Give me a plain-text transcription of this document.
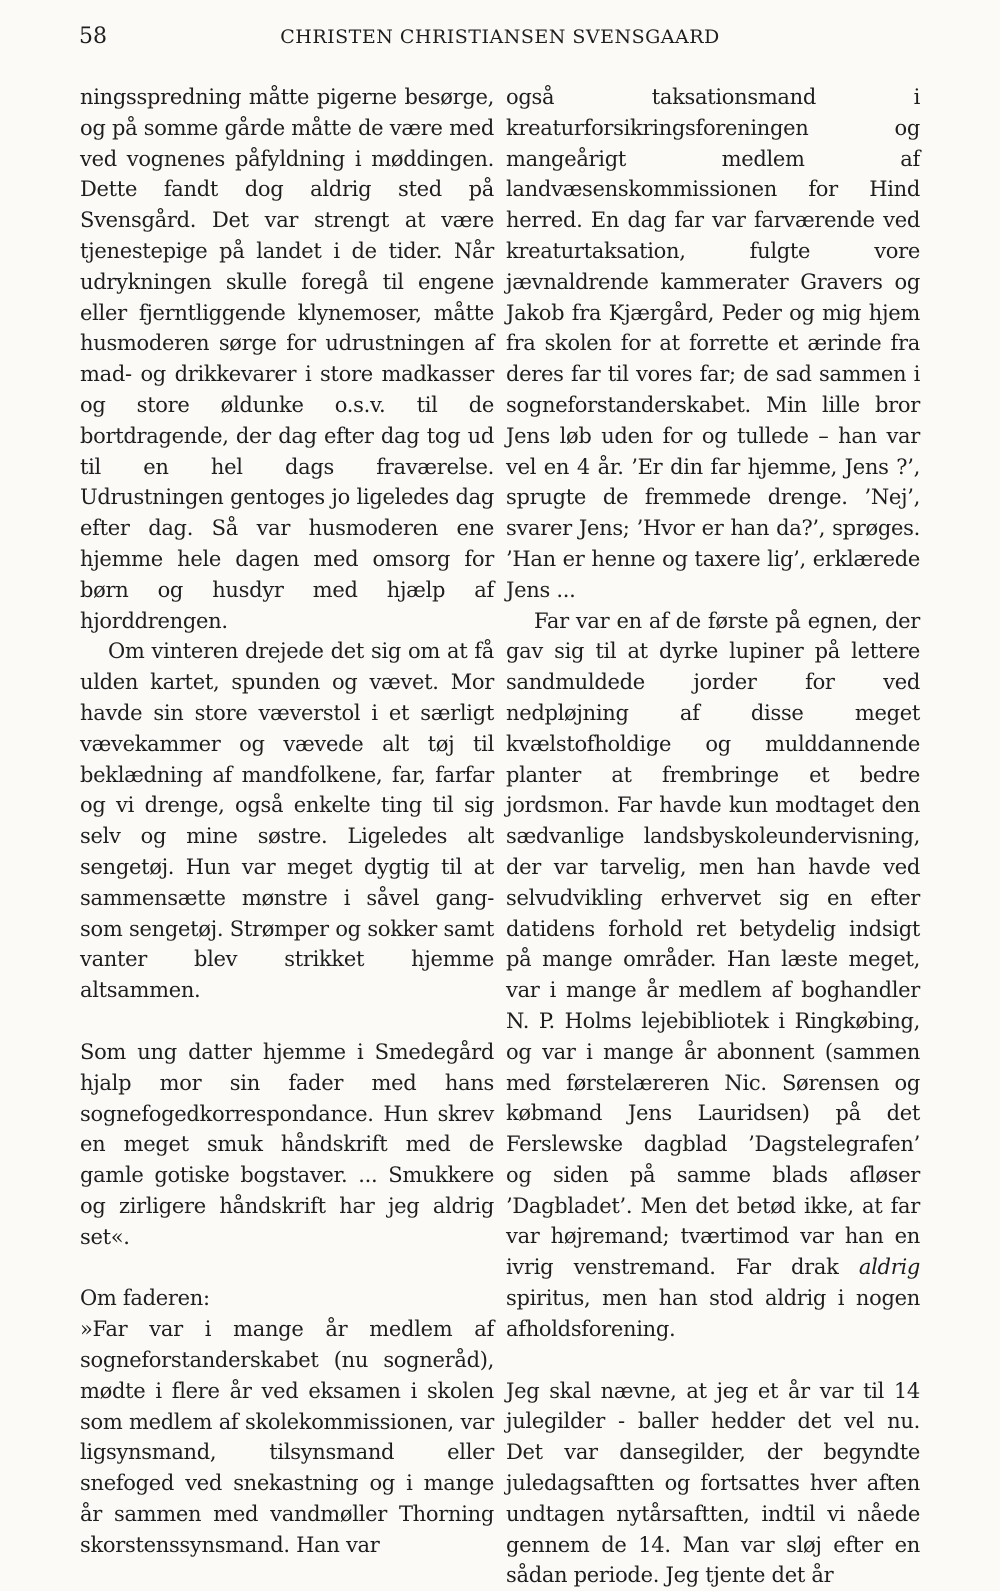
58	CHRISTEN CHRISTIANSEN SVENSGAARD

ningsspredning måtte pigerne besørge, og på somme gårde måtte de være med ved vognenes påfyldning i møddingen. Dette fandt dog aldrig sted på Svensgård. Det var strengt at være tjenestepige på landet i de tider. Når udrykningen skulle foregå til engene eller fjerntliggende klynemoser, måtte husmoderen sørge for udrustningen af mad- og drikkevarer i store madkasser og store øldunke o.s.v. til de bortdragende, der dag efter dag tog ud til en hel dags fraværelse. Udrustningen gentoges jo ligeledes dag efter dag. Så var husmoderen ene hjemme hele dagen med omsorg for børn og husdyr med hjælp af hjorddrengen.

Om vinteren drejede det sig om at få ulden kartet, spunden og vævet. Mor havde sin store væverstol i et særligt vævekammer og vævede alt tøj til beklædning af mandfolkene, far, farfar og vi drenge, også enkelte ting til sig selv og mine søstre. Ligeledes alt sengetøj. Hun var meget dygtig til at sammensætte mønstre i såvel gang- som sengetøj. Strømper og sokker samt vanter blev strikket hjemme altsammen.

Som ung datter hjemme i Smedegård hjalp mor sin fader med hans sognefogedkorrespondance. Hun skrev en meget smuk håndskrift med de gamle gotiske bogstaver. ... Smukkere og zirligere håndskrift har jeg aldrig set«.

Om faderen:

»Far var i mange år medlem af sogneforstanderskabet (nu sogneråd), mødte i flere år ved eksamen i skolen som medlem af skolekommissionen, var ligsynsmand, tilsynsmand eller snefoged ved snekastning og i mange år sammen med vandmøller Thorning skorstenssynsmand. Han var

også taksationsmand i kreaturforsikringsforeningen og mangeårigt medlem af landvæsenskommissionen for Hind herred. En dag far var farværende ved kreaturtaksation, fulgte vore jævnaldrende kammerater Gravers og Jakob fra Kjærgård, Peder og mig hjem fra skolen for at forrette et ærinde fra deres far til vores far; de sad sammen i sogneforstanderskabet. Min lille bror Jens løb uden for og tullede – han var vel en 4 år. ’Er din far hjemme, Jens ?’, sprugte de fremmede drenge. ’Nej’, svarer Jens; ’Hvor er han da?’, sprøges. ’Han er henne og taxere lig’, erklærede Jens ...

Far var en af de første på egnen, der gav sig til at dyrke lupiner på lettere sandmuldede jorder for ved nedpløjning af disse meget kvælstofholdige og mulddannende planter at frembringe et bedre jordsmon. Far havde kun modtaget den sædvanlige landsbyskoleundervisning, der var tarvelig, men han havde ved selvudvikling erhvervet sig en efter datidens forhold ret betydelig indsigt på mange områder. Han læste meget, var i mange år medlem af boghandler N. P. Holms lejebibliotek i Ringkøbing, og var i mange år abonnent (sammen med førstelæreren Nic. Sørensen og købmand Jens Lauridsen) på det Ferslewske dagblad ’Dagstelegrafen’ og siden på samme blads afløser ’Dagbladet’. Men det betød ikke, at far var højremand; tværtimod var han en ivrig venstremand. Far drak aldrig spiritus, men han stod aldrig i nogen afholdsforening.

Jeg skal nævne, at jeg et år var til 14 julegilder - baller hedder det vel nu. Det var dansegilder, der begyndte juledagsaftten og fortsattes hver aften undtagen nytårsaftten, indtil vi nåede gennem de 14. Man var sløj efter en sådan periode. Jeg tjente det år
